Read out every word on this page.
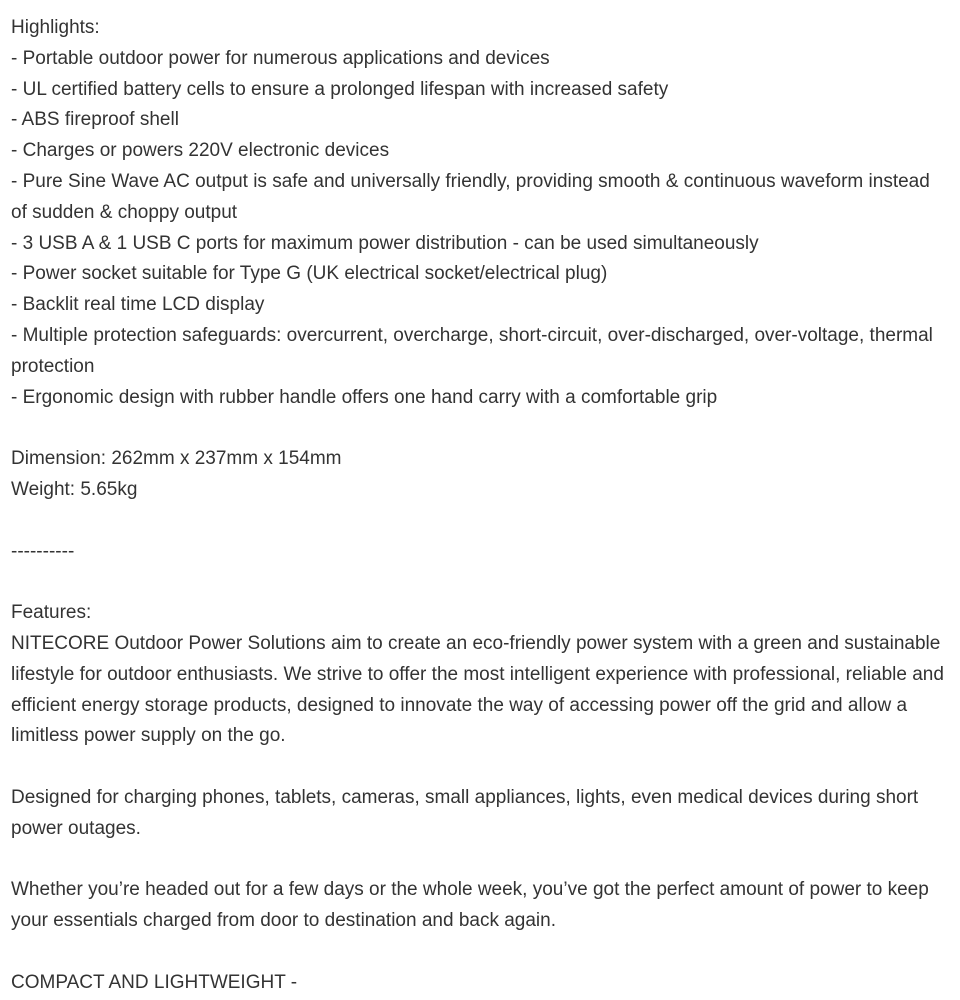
Highlights:

- Portable outdoor power for numerous applications and devices

- UL certified battery cells to ensure a prolonged lifespan with increased safety

- ABS fireproof shell

- Charges or powers 220V electronic devices

- Pure Sine Wave AC output is safe and universally friendly, providing smooth & continuous waveform instead of sudden & choppy output

- 3 USB A & 1 USB C ports for maximum power distribution - can be used simultaneously

- Power socket suitable for Type G (UK electrical socket/electrical plug)

- Backlit real time LCD display

- Multiple protection safeguards: overcurrent, overcharge, short-circuit, over-discharged, over-voltage, thermal protection

- Ergonomic design with rubber handle offers one hand carry with a comfortable grip

Dimension: 262mm x 237mm x 154mm

Weight: 5.65kg

----------

Features:

NITECORE Outdoor Power Solutions aim to create an eco-friendly power system with a green and sustainable lifestyle for outdoor enthusiasts. We strive to offer the most intelligent experience with professional, reliable and efficient energy storage products, designed to innovate the way of accessing power off the grid and allow a limitless power supply on the go.

Designed for charging phones, tablets, cameras, small appliances, lights, even medical devices during short power outages.

Whether you’re headed out for a few days or the whole week, you’ve got the perfect amount of power to keep your essentials charged from door to destination and back again.

COMPACT AND LIGHTWEIGHT -
